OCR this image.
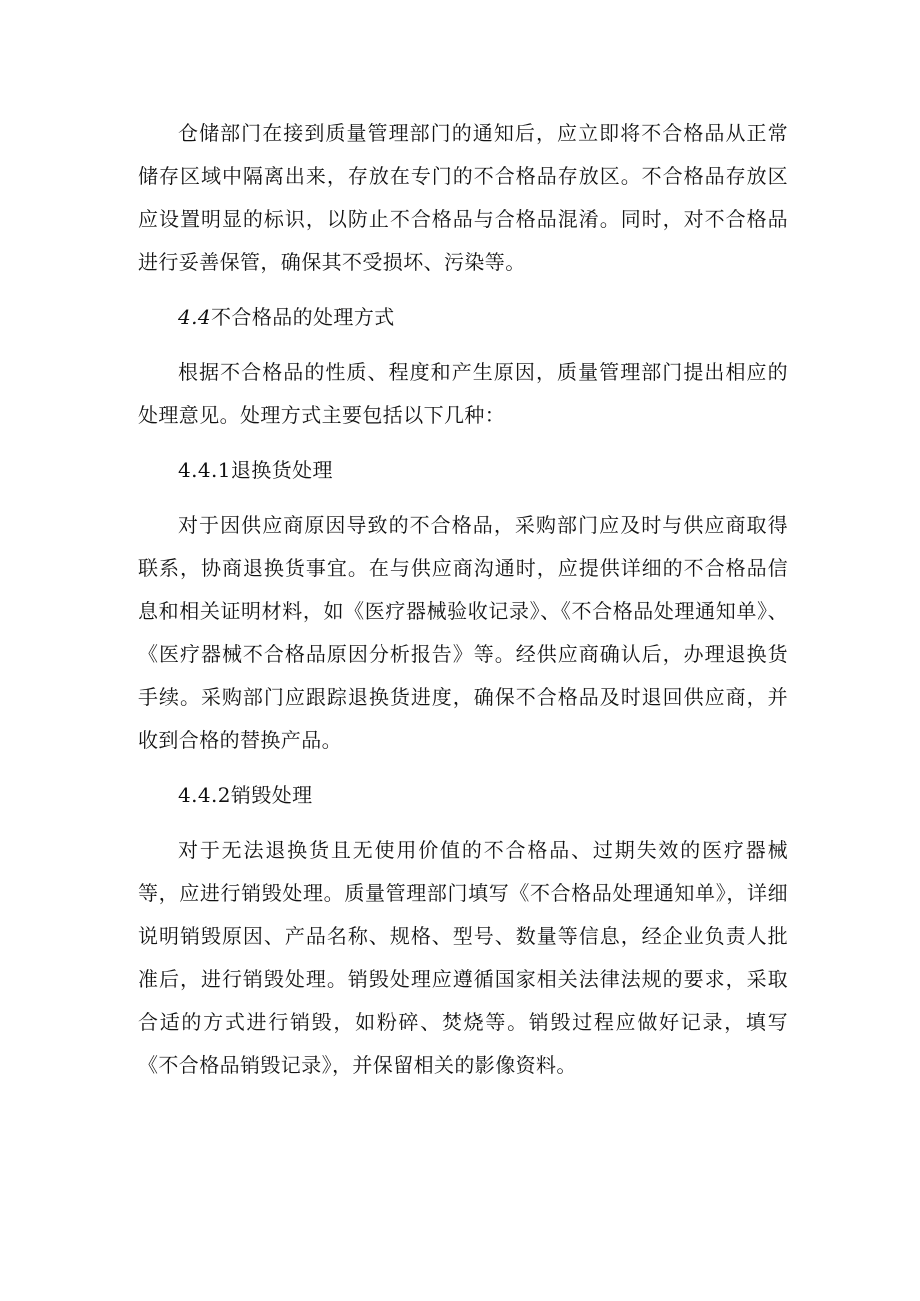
仓储部门在接到质量管理部门的通知后，应立即将不合格品从正常储存区域中隔离出来，存放在专门的不合格品存放区。不合格品存放区应设置明显的标识，以防止不合格品与合格品混淆。同时，对不合格品进行妥善保管，确保其不受损坏、污染等。

4.4不合格品的处理方式

根据不合格品的性质、程度和产生原因，质量管理部门提出相应的处理意见。处理方式主要包括以下几种：

4.4.1退换货处理

对于因供应商原因导致的不合格品，采购部门应及时与供应商取得联系，协商退换货事宜。在与供应商沟通时，应提供详细的不合格品信息和相关证明材料，如《医疗器械验收记录》、《不合格品处理通知单》、《医疗器械不合格品原因分析报告》等。经供应商确认后，办理退换货手续。采购部门应跟踪退换货进度，确保不合格品及时退回供应商，并收到合格的替换产品。

4.4.2销毁处理

对于无法退换货且无使用价值的不合格品、过期失效的医疗器械等，应进行销毁处理。质量管理部门填写《不合格品处理通知单》，详细说明销毁原因、产品名称、规格、型号、数量等信息，经企业负责人批准后，进行销毁处理。销毁处理应遵循国家相关法律法规的要求，采取合适的方式进行销毁，如粉碎、焚烧等。销毁过程应做好记录，填写《不合格品销毁记录》，并保留相关的影像资料。
